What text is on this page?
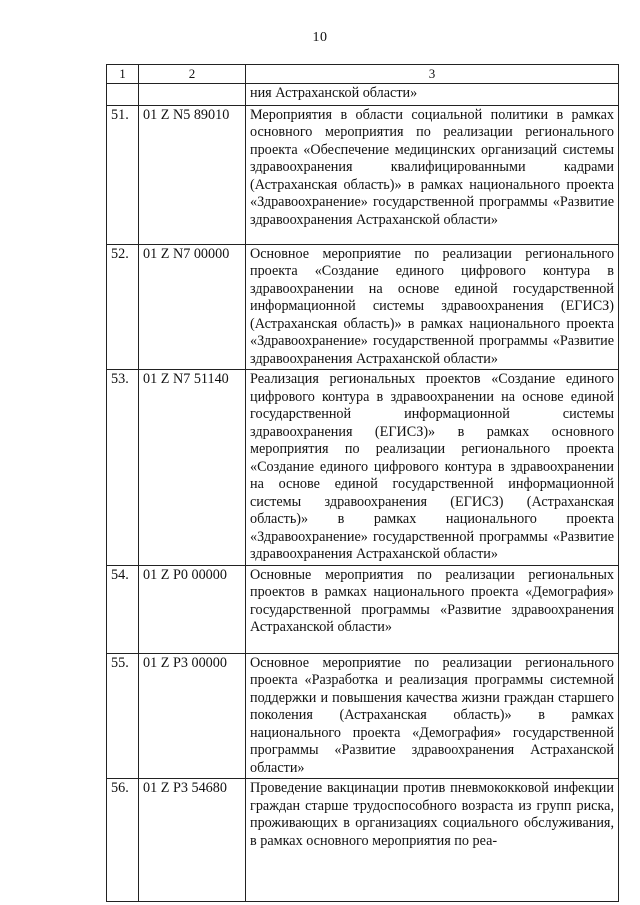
10
1	2	3
		ния Астраханской области»
51.	01 Z N5 89010	Мероприятия в области социальной политики в рамках основного мероприятия по реализации регионального проекта «Обеспечение медицинских организаций системы здравоохранения квалифицированными кадрами (Астраханская область)» в рамках национального проекта «Здравоохранение» государственной программы «Развитие здравоохранения Астраханской области»
52.	01 Z N7 00000	Основное мероприятие по реализации регионального проекта «Создание единого цифрового контура в здравоохранении на основе единой государственной информационной системы здравоохранения (ЕГИСЗ) (Астраханская область)» в рамках национального проекта «Здравоохранение» государственной программы «Развитие здравоохранения Астраханской области»
53.	01 Z N7 51140	Реализация региональных проектов «Создание единого цифрового контура в здравоохранении на основе единой государственной информационной системы здравоохранения (ЕГИСЗ)» в рамках основного мероприятия по реализации регионального проекта «Создание единого цифрового контура в здравоохранении на основе единой государственной информационной системы здравоохранения (ЕГИСЗ) (Астраханская область)» в рамках национального проекта «Здравоохранение» государственной программы «Развитие здравоохранения Астраханской области»
54.	01 Z P0 00000	Основные мероприятия по реализации региональных проектов в рамках национального проекта «Демография» государственной программы «Развитие здравоохранения Астраханской области»
55.	01 Z P3 00000	Основное мероприятие по реализации регионального проекта «Разработка и реализация программы системной поддержки и повышения качества жизни граждан старшего поколения (Астраханская область)» в рамках национального проекта «Демография» государственной программы «Развитие здравоохранения Астраханской области»
56.	01 Z P3 54680	Проведение вакцинации против пневмококковой инфекции граждан старше трудоспособного возраста из групп риска, проживающих в организациях социального обслуживания, в рамках основного мероприятия по реа-
